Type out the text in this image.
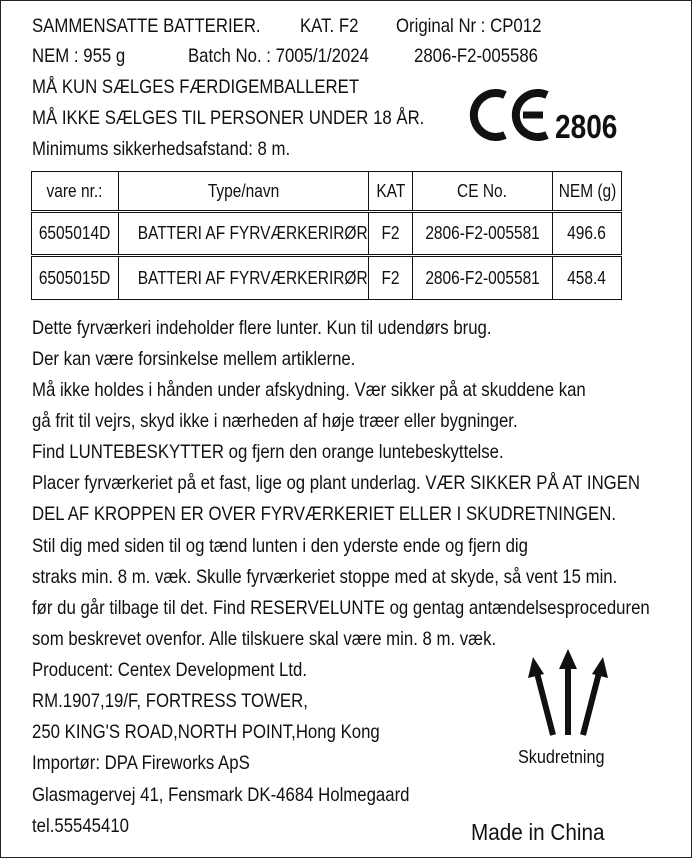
SAMMENSATTE BATTERIER. KAT. F2 Original Nr : CP012
NEM : 955 g	Batch No. : 7005/1/2024 2806-F2-005586
MÅ KUN SÆLGES FÆRDIGEMBALLERET
MÅ IKKE SÆLGES TIL PERSONER UNDER 18 ÅR.
Minimums sikkerhedsafstand: 8 m.
2806
vare nr.:	Type/navn	KAT	CE No.	NEM (g)
6505014D	BATTERI AF FYRVÆRKERIRØR	F2	2806-F2-005581	496.6
6505015D	BATTERI AF FYRVÆRKERIRØR	F2	2806-F2-005581	458.4
Dette fyrværkeri indeholder flere lunter. Kun til udendørs brug.
Der kan være forsinkelse mellem artiklerne.
Må ikke holdes i hånden under afskydning. Vær sikker på at skuddene kan
gå frit til vejrs, skyd ikke i nærheden af høje træer eller bygninger.
Find LUNTEBESKYTTER og fjern den orange luntebeskyttelse.
Placer fyrværkeriet på et fast, lige og plant underlag. VÆR SIKKER PÅ AT INGEN
DEL AF KROPPEN ER OVER FYRVÆRKERIET ELLER I SKUDRETNINGEN.
Stil dig med siden til og tænd lunten i den yderste ende og fjern dig
straks min. 8 m. væk. Skulle fyrværkeriet stoppe med at skyde, så vent 15 min.
før du går tilbage til det. Find RESERVELUNTE og gentag antændelsesproceduren
som beskrevet ovenfor. Alle tilskuere skal være min. 8 m. væk.
Producent: Centex Development Ltd.
RM.1907,19/F, FORTRESS TOWER,
250 KING'S ROAD,NORTH POINT,Hong Kong
Importør: DPA Fireworks ApS
Glasmagervej 41, Fensmark DK-4684 Holmegaard
tel.55545410
Skudretning
Made in China
